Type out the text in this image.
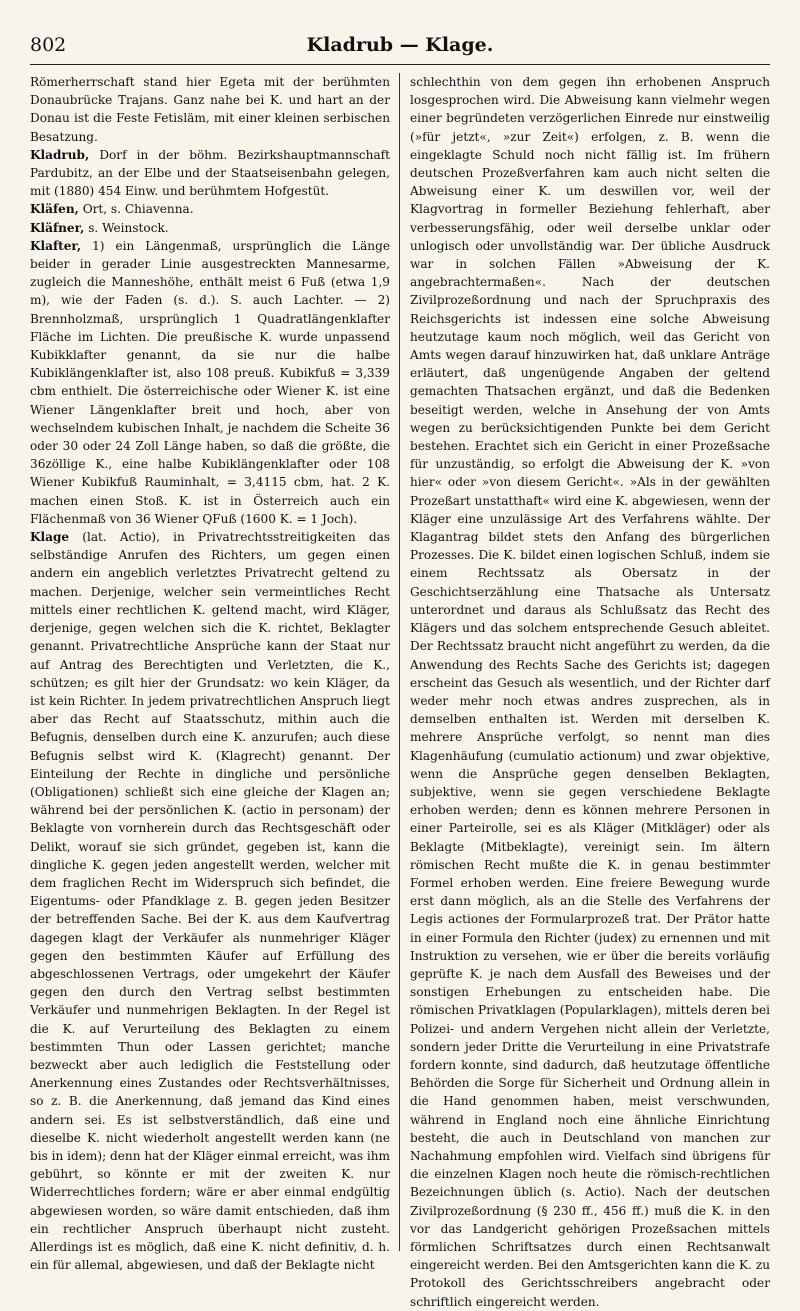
802	Kladrub — Klage.

Römerherrschaft stand hier Egeta mit der berühmten Donaubrücke Trajans. Ganz nahe bei K. und hart an der Donau ist die Feste Fetisläm, mit einer kleinen serbischen Besatzung.

Kladrub, Dorf in der böhm. Bezirkshauptmannschaft Pardubitz, an der Elbe und der Staatseisenbahn gelegen, mit (1880) 454 Einw. und berühmtem Hofgestüt.

Kläfen, Ort, s. Chiavenna.

Kläfner, s. Weinstock.

Klafter, 1) ein Längenmaß, ursprünglich die Länge beider in gerader Linie ausgestreckten Mannesarme, zugleich die Manneshöhe, enthält meist 6 Fuß (etwa 1,9 m), wie der Faden (s. d.). S. auch Lachter. — 2) Brennholzmaß, ursprünglich 1 Quadratlängenklafter Fläche im Lichten. Die preußische K. wurde unpassend Kubikklafter genannt, da sie nur die halbe Kubiklängenklafter ist, also 108 preuß. Kubikfuß = 3,339 cbm enthielt. Die österreichische oder Wiener K. ist eine Wiener Längenklafter breit und hoch, aber von wechselndem kubischen Inhalt, je nachdem die Scheite 36 oder 30 oder 24 Zoll Länge haben, so daß die größte, die 36zöllige K., eine halbe Kubiklängenklafter oder 108 Wiener Kubikfuß Rauminhalt, = 3,4115 cbm, hat. 2 K. machen einen Stoß. K. ist in Österreich auch ein Flächenmaß von 36 Wiener QFuß (1600 K. = 1 Joch).

Klage (lat. Actio), in Privatrechtsstreitigkeiten das selbständige Anrufen des Richters, um gegen einen andern ein angeblich verletztes Privatrecht geltend zu machen. Derjenige, welcher sein vermeintliches Recht mittels einer rechtlichen K. geltend macht, wird Kläger, derjenige, gegen welchen sich die K. richtet, Beklagter genannt. Privatrechtliche Ansprüche kann der Staat nur auf Antrag des Berechtigten und Verletzten, die K., schützen; es gilt hier der Grundsatz: wo kein Kläger, da ist kein Richter. In jedem privatrechtlichen Anspruch liegt aber das Recht auf Staatsschutz, mithin auch die Befugnis, denselben durch eine K. anzurufen; auch diese Befugnis selbst wird K. (Klagrecht) genannt. Der Einteilung der Rechte in dingliche und persönliche (Obligationen) schließt sich eine gleiche der Klagen an; während bei der persönlichen K. (actio in personam) der Beklagte von vornherein durch das Rechtsgeschäft oder Delikt, worauf sie sich gründet, gegeben ist, kann die dingliche K. gegen jeden angestellt werden, welcher mit dem fraglichen Recht im Widerspruch sich befindet, die Eigentums- oder Pfandklage z. B. gegen jeden Besitzer der betreffenden Sache. Bei der K. aus dem Kaufvertrag dagegen klagt der Verkäufer als nunmehriger Kläger gegen den bestimmten Käufer auf Erfüllung des abgeschlossenen Vertrags, oder umgekehrt der Käufer gegen den durch den Vertrag selbst bestimmten Verkäufer und nunmehrigen Beklagten. In der Regel ist die K. auf Verurteilung des Beklagten zu einem bestimmten Thun oder Lassen gerichtet; manche bezweckt aber auch lediglich die Feststellung oder Anerkennung eines Zustandes oder Rechtsverhältnisses, so z. B. die Anerkennung, daß jemand das Kind eines andern sei. Es ist selbstverständlich, daß eine und dieselbe K. nicht wiederholt angestellt werden kann (ne bis in idem); denn hat der Kläger einmal erreicht, was ihm gebührt, so könnte er mit der zweiten K. nur Widerrechtliches fordern; wäre er aber einmal endgültig abgewiesen worden, so wäre damit entschieden, daß ihm ein rechtlicher Anspruch überhaupt nicht zusteht. Allerdings ist es möglich, daß eine K. nicht definitiv, d. h. ein für allemal, abgewiesen, und daß der Beklagte nicht

schlechthin von dem gegen ihn erhobenen Anspruch losgesprochen wird. Die Abweisung kann vielmehr wegen einer begründeten verzögerlichen Einrede nur einstweilig (»für jetzt«, »zur Zeit«) erfolgen, z. B. wenn die eingeklagte Schuld noch nicht fällig ist. Im frühern deutschen Prozeßverfahren kam auch nicht selten die Abweisung einer K. um deswillen vor, weil der Klagvortrag in formeller Beziehung fehlerhaft, aber verbesserungsfähig, oder weil derselbe unklar oder unlogisch oder unvollständig war. Der übliche Ausdruck war in solchen Fällen »Abweisung der K. angebrachtermaßen«. Nach der deutschen Zivilprozeßordnung und nach der Spruchpraxis des Reichsgerichts ist indessen eine solche Abweisung heutzutage kaum noch möglich, weil das Gericht von Amts wegen darauf hinzuwirken hat, daß unklare Anträge erläutert, daß ungenügende Angaben der geltend gemachten Thatsachen ergänzt, und daß die Bedenken beseitigt werden, welche in Ansehung der von Amts wegen zu berücksichtigenden Punkte bei dem Gericht bestehen. Erachtet sich ein Gericht in einer Prozeßsache für unzuständig, so erfolgt die Abweisung der K. »von hier« oder »von diesem Gericht«. »Als in der gewählten Prozeßart unstatthaft« wird eine K. abgewiesen, wenn der Kläger eine unzulässige Art des Verfahrens wählte. Der Klagantrag bildet stets den Anfang des bürgerlichen Prozesses. Die K. bildet einen logischen Schluß, indem sie einem Rechtssatz als Obersatz in der Geschichtserzählung eine Thatsache als Untersatz unterordnet und daraus als Schlußsatz das Recht des Klägers und das solchem entsprechende Gesuch ableitet. Der Rechtssatz braucht nicht angeführt zu werden, da die Anwendung des Rechts Sache des Gerichts ist; dagegen erscheint das Gesuch als wesentlich, und der Richter darf weder mehr noch etwas andres zusprechen, als in demselben enthalten ist. Werden mit derselben K. mehrere Ansprüche verfolgt, so nennt man dies Klagenhäufung (cumulatio actionum) und zwar objektive, wenn die Ansprüche gegen denselben Beklagten, subjektive, wenn sie gegen verschiedene Beklagte erhoben werden; denn es können mehrere Personen in einer Parteirolle, sei es als Kläger (Mitkläger) oder als Beklagte (Mitbeklagte), vereinigt sein. Im ältern römischen Recht mußte die K. in genau bestimmter Formel erhoben werden. Eine freiere Bewegung wurde erst dann möglich, als an die Stelle des Verfahrens der Legis actiones der Formularprozeß trat. Der Prätor hatte in einer Formula den Richter (judex) zu ernennen und mit Instruktion zu versehen, wie er über die bereits vorläufig geprüfte K. je nach dem Ausfall des Beweises und der sonstigen Erhebungen zu entscheiden habe. Die römischen Privatklagen (Popularklagen), mittels deren bei Polizei- und andern Vergehen nicht allein der Verletzte, sondern jeder Dritte die Verurteilung in eine Privatstrafe fordern konnte, sind dadurch, daß heutzutage öffentliche Behörden die Sorge für Sicherheit und Ordnung allein in die Hand genommen haben, meist verschwunden, während in England noch eine ähnliche Einrichtung besteht, die auch in Deutschland von manchen zur Nachahmung empfohlen wird. Vielfach sind übrigens für die einzelnen Klagen noch heute die römisch-rechtlichen Bezeichnungen üblich (s. Actio). Nach der deutschen Zivilprozeßordnung (§ 230 ff., 456 ff.) muß die K. in den vor das Landgericht gehörigen Prozeßsachen mittels förmlichen Schriftsatzes durch einen Rechtsanwalt eingereicht werden. Bei den Amtsgerichten kann die K. zu Protokoll des Gerichtsschreibers angebracht oder schriftlich eingereicht werden.
